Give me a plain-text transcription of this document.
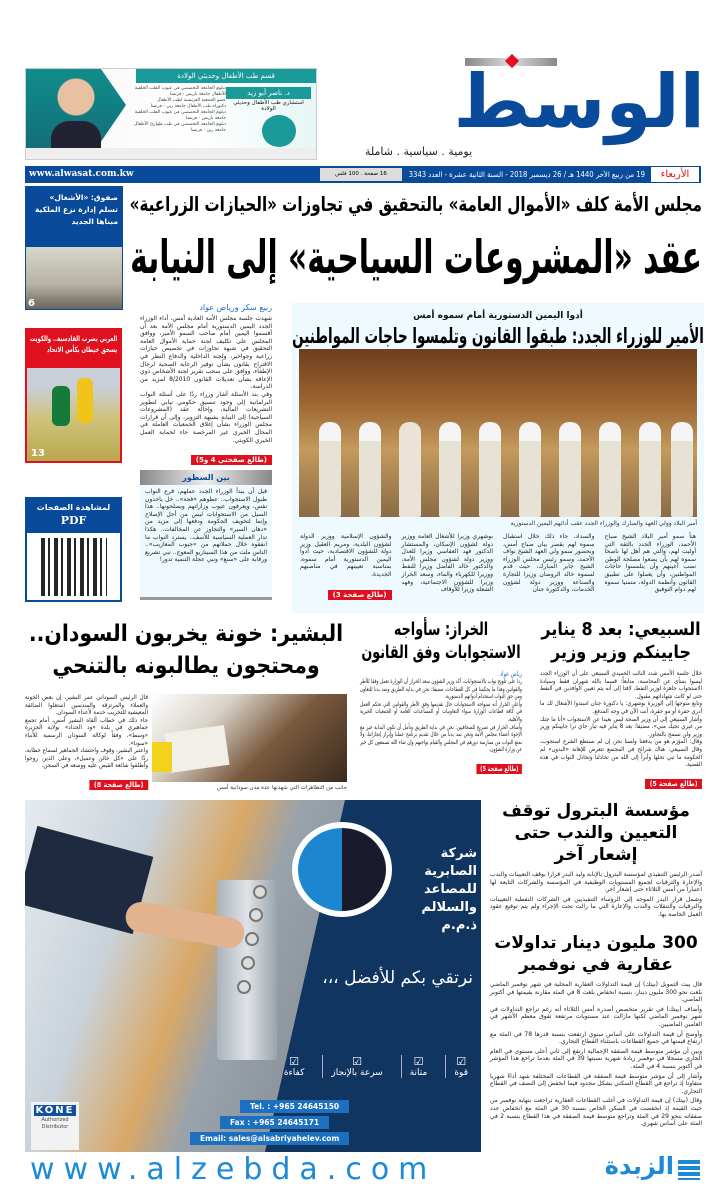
الوسط
يومية . سياسية . شاملة
قسم طب الأطفال وحديثي الولادة
د. ناصر أبو زيد
استشاري طب الأطفال وحديثي الولادة
دبلوم الجامعة التخصصي في عيوب القلب الخلقية للأطفال جامعة باريس - فرنسا
عضو الجمعية الفرنسية لطب الأطفال
دكتوراه طب الأطفال جامعة رين - فرنسا
دبلوم الجامعة التخصصي في عيوب القلب الخلقية جامعة باريس - فرنسا
دبلوم الجامعة التخصصي في طب طوارئ الأطفال جامعة رين - فرنسا
الأربعاء
19 من ربيع الآخر 1440 هـ / 26 ديسمبر 2018 - السنة الثانية عشرة - العدد 3343
16 صفحة . 100 فلس
www.alwasat.com.kw
صفوق: «الأشغال» تسلم إدارة نزع الملكية مبناها الجديد
6
العربي يضرب القادسية.. والكويت يسحق خيطان بكأس الاتحاد
13
لمشاهدة الصفحات
PDF
مجلس الأمة كلف «الأموال العامة» بالتحقيق في تجاوزات «الحيازات الزراعية»
عقد «المشروعات السياحية» إلى النيابة
ربيع سكر ورياض عواد

شهدت جلسة مجلس الأمة العادية أمس، أداء الوزراء الجدد اليمين الدستورية أمام مجلس الأمة بعد أن أقسموا اليمين أمام صاحب السمو الأمير، ووافق المجلس على تكليف لجنة حماية الأموال العامة التحقيق في شبهة تجاوزات في تخصيص حيازات زراعية وجواخير، ولجنة الداخلية والدفاع النظر في الاقتراح بقانون بشأن توفير الرعاية الصحية لرجال الإطفاء، ووافق على سحب تقرير لجنة الأشخاص ذوي الإعاقة بشأن تعديلات القانون 8/2010 لمزيد من الدراسة.

وفي بند الأسئلة أشار وزراء ردًا على أسئلة النواب البرلمانية إلى وجود تنسيق حكومي نيابي لتطوير التشريعات المالية، وإحالة عقد (المشروعات السياحية) إلى النيابة بشبهة التزوير، وإلى أن قرارات مجلس الوزراء بشأن إغلاق الجمعيات العاملة في المجال الخيري غير المرخصة جاء لحماية العمل الخيري الكويتي.

(طالع صفحتي 4 و5)
بين السطور

قبل أن يبدأ الوزراء الجدد عملهم، قرع النواب طبول الاستجواب.. عطوهم «فجة».. خل ياخذون نفس، ويعرفون عيوب وزاراتهم ويصلحونها.. هذا السيل من الاستجوابات ليس من أجل الإصلاح وإنما لتخويف الحكومة ودفعها إلى مزيد من «دهان السير» والتجاوز عن المخالفات.. هكذا تدار العملية السياسية للأسف.. يسترد النواب ما انفقوه خلال حملاتهم من «جيوب المعازيب».. الناس ملت من هذا السيناريو المعوج.. نبي تشريع ورقابة على «سنع» ونبي عجلة التنمية تدور!

أدوا اليمين الدستورية أمام سموه أمس
الأمير للوزراء الجدد: طبقوا القانون وتلمسوا حاجات المواطنين
أمير البلاد وولي العهد والمبارك والوزراء الجدد عقب أدائهم اليمين الدستورية

هنأ سمو أمير البلاد الشيخ صباح الأحمد، الوزراء الجدد بالثقة التي أوليت لهم، والتي هم أهل لها ناصحا سموه لهم بأن يضعوا مصلحة الوطن نصب أعينهم وأن يتلمسوا حاجات المواطنين، وأن يعملوا على تطبيق القانون وأنظمة الدولة، متمنيا سموه لهم دوام التوفيق

والسداد. جاء ذلك خلال استقبال سموه لهم بقصر بيان صباح أمس، وبحضور سمو ولي العهد الشيخ نواف الأحمد، وسمو رئيس مجلس الوزراء الشيخ جابر المبارك، حيث قدم لسموه خالد الروضان وزيرا للتجارة والصناعة ووزير دولة لشؤون الخدمات، والدكتورة جنان

بوشهري وزيرا للأشغال العامة ووزير دولة لشؤون الإسكان، والمستشار الدكتور فهد العفاسي وزيرا للعدل ووزير دولة لشؤون مجلس الأمة، والدكتور خالد الفاضل وزيرا للنفط ووزيرا للكهرباء والماء، وسعد الخراز وزيرا للشؤون الاجتماعية، وفهد الشعلة وزيرا للأوقاف

والشؤون الإسلامية ووزير الدولة لشؤون البلدية، ومريم العقيل وزير دولة للشؤون الاقتصادية، حيث أدوا اليمين الدستورية أمام سموه، بمناسبة تعيينهم في مناصبهم الجديدة.

(طالع صفحة 3)
البشير: خونة يخربون السودان.. ومحتجون يطالبونه بالتنحي

قال الرئيس السوداني عمر البشير، إن بعض الخونة والعملاء والمرتزقة والمندسين استغلوا الضائقة المعيشية للتخريب خدمة لأعداء السودان.

جاء ذلك في خطاب ألقاه البشير أمس، أمام تجمع جماهيري في بلدة «ود الحداد» بولاية الجزيرة «وسط»، وفقاً لوكالة السودان الرسمية للأنباء «سونا».

واعتبر البشير، وقوف واحتشاد الجماهير لسماع خطابه، ردًا على «كل خائن وعميل»، وعلى الذين روجوا وأطلقوا شائعة القبض عليه ووضعه في السجن.

(طالع صفحة 8)	جانب من التظاهرات التي شهدتها عدة مدن سودانية أمس
الخراز: سأواجه الاستجوابات وفق القانون
رياض عواد

ردا على تلويح نواب بالاستجوابات، أكد وزير الشؤون سعد الخراز أن الوزارة تعمل وفقا للأطر والقوانين وهذا ما يحكمنا في كل القطاعات، مضيفا: نحن في بداية الطريق ونمد يدنا للتعاون ومن حق النواب استخدام أدواتهم الدستورية.

وأعلن الخراز أنه سيواجه الاستجوابات حال تقديمها وفق الأطر والقوانين التي تحكم العمل في كافة قطاعات الوزارة سواء التعاونيات أو المساعدات العامة أو الجمعيات الخيرية والأهلية.

وأضاف الخراز في تصريح للصحافيين: نحن في بداية الطريق ونأمل أن تكون البداية خير مع الإخوة أعضاء مجلس الأمة ونحن نمد يدنا من خلال تقديم برنامج عملنا وإبراز إنجازاتنا، ولا نمنع النواب من ممارسة دورهم في المجلس والقيام بواجبهم وإن شاء الله تسمعون كل خير عن وزارة الشؤون.

(طالع صفحة 5)
السبيعي: بعد 8 يناير جايينكم وزير وزير

خلال جلسة الأمس شدد النائب الحميدي السبيعي على أن الوزراء الجدد ليسوا بمنأى عن المحاسبة، متابعاً: قسما بالله شهران فقط وسيادة الاستجواب جاهزة لوزير النفط، لافتا إلى أنه يتم تعيين الوافدين في النفط حتى لو كانت شهاداتهم مقبول.

وتابع متوجها إلى الوزيرة بوشهري: يا دكتورة جنان استدوا الأشغال لك ما أدري حفرة أو مو حفرة، أنت الآن في وجه المدفع.

وأشار السبيعي إلى أن وزير الصحة ليس بعيدا عن الاستجواب «أنا ما جتك من غيري تجيك مني»، مضيفا: بعد 8 يناير فيه تيار جاي ترا جايينكم وزير وزير ولن نسمح بالتجاوز.

وقال: المؤزم هو من يدفعنا ولسنا نحن إن لم نستطع الشرع استجوب، وقال السبيعي: هناك شرائح في المجتمع تتعرض للإهانة «البدون» لم الحكومة ما تبي تحلها وأبرأ إلى الله من تخاذلنا وتخاذل النواب في هذه القضية.

(طالع صفحة 5)
شركة الصابرية للمصاعد والسلالم ذ.م.م
نرتقي بكم للأفضل ،،،
☑
قوة
☑
متانة
☑
سرعة بالإنجاز
☑
كفاءة
Tel. : +965 24645150
Fax : +965 24645171
Email: sales@alsabriyahelev.com
KONE
Authorized Distributor
مؤسسة البترول توقف التعيين والندب حتى إشعار آخر

أصدر الرئيس التنفيذي لمؤسسة البترول بالإنابة وليد البدر قرارا بوقف التعيينات والندب والإعارة والترقيات لجميع المستويات الوظيفية في المؤسسة والشركات التابعة لها اعتبارا من أمس الثلاثاء حتى إشعار آخر.

وشمل قرار البدر الموجه إلى الرؤساء التنفيذيين في الشركات النفطية التعيينات والترقيات والتنقلات والندب والإعارة التي ما زالت تحت الإجراء ولم يتم توقيع عقود العمل الخاصة بها.

300 مليون دينار تداولات عقارية في نوفمبر

قال بيت التمويل (بيتك) إن قيمة التداولات العقارية المحلية في شهر نوفمبر الماضي بلغت نحو 300 مليون دينار، بنسبة انخفاض بلغت 8 في المئة مقارنة بقيمتها في أكتوبر الماضي.

وأضاف (بيتك) في تقرير متخصص أصدره أمس الثلاثاء أنه رغم تراجع التداولات في شهر نوفمبر الماضي لكنها مازالت عند مستويات مرتفعة تفوق معظم الأشهر في العامين الماضيين.

وأوضح أن قيمة التداولات على أساس سنوي ارتفعت بنسبة قدرها 78 في المئة مع ارتفاع قيمتها في جميع القطاعات باستثناء القطاع التجاري.

وبين أن مؤشر متوسط قيمة الصفقة الإجمالية ارتفع إلى ثاني أعلى مستوى في العام الجاري مسجلا في نوفمبر زيادة شهرية نسبتها 39 في المئة بعدما تراجع هذا المؤشر في أكتوبر بنسبة 4 في المئة.

وأشار إلى أن مؤشر متوسط قيمة الصفقة في القطاعات المختلفة شهد أداءً شهريا متفاوتا إذ تراجع في القطاع السكني بشكل محدود فيما انخفض إلى النصف في القطاع التجاري.

وقال (بيتك) إن قيمة التداولات في أغلب القطاعات العقارية تراجعت بنهاية نوفمبر من حيث القيمة إذ انخفضت في السكن الخاص بنسبة 30 في المئة مع انخفاض عدد صفقاته بنحو 29 في المئة وتراجع متوسط قيمة الصفقة في هذا القطاع بنسبة 2 في المئة على أساس شهري.

www.alzebda.com	الزبدة
